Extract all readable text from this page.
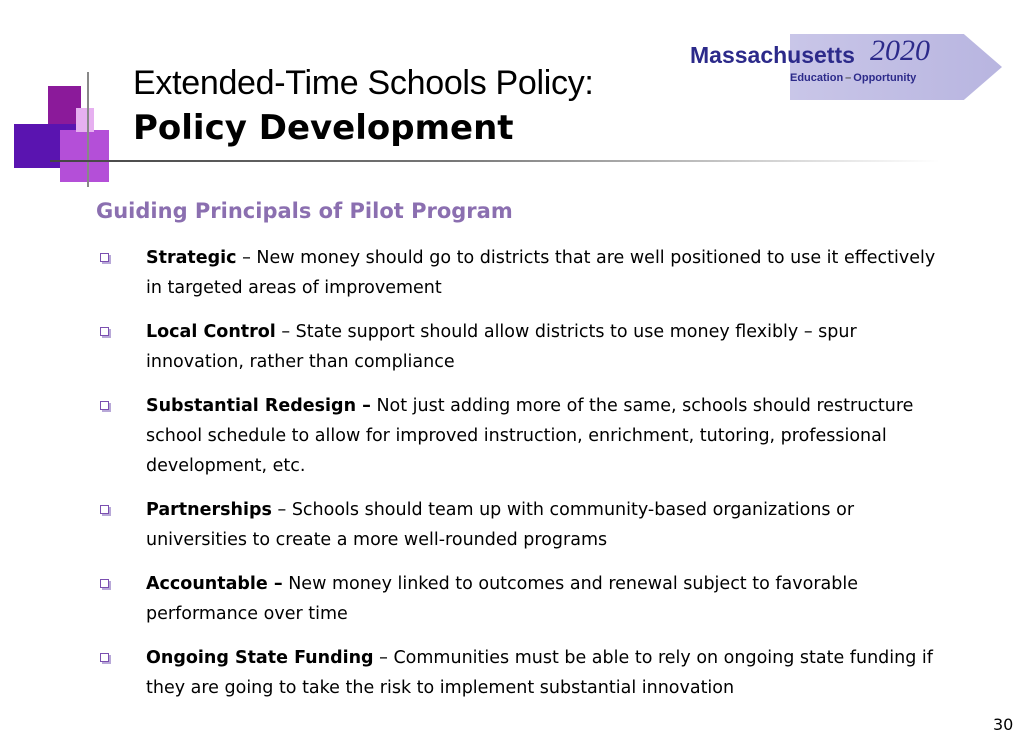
Extended-Time Schools Policy:
Policy Development
Massachusetts 2020
Education – Opportunity
Guiding Principals of Pilot Program
Strategic – New money should go to districts that are well positioned to use it effectively in targeted areas of improvement
Local Control – State support should allow districts to use money flexibly – spur innovation, rather than compliance
Substantial Redesign – Not just adding more of the same, schools should restructure school schedule to allow for improved instruction, enrichment, tutoring, professional development, etc.
Partnerships – Schools should team up with community-based organizations or universities to create a more well-rounded programs
Accountable – New money linked to outcomes and renewal subject to favorable performance over time
Ongoing State Funding – Communities must be able to rely on ongoing state funding if they are going to take the risk to implement substantial innovation
30
